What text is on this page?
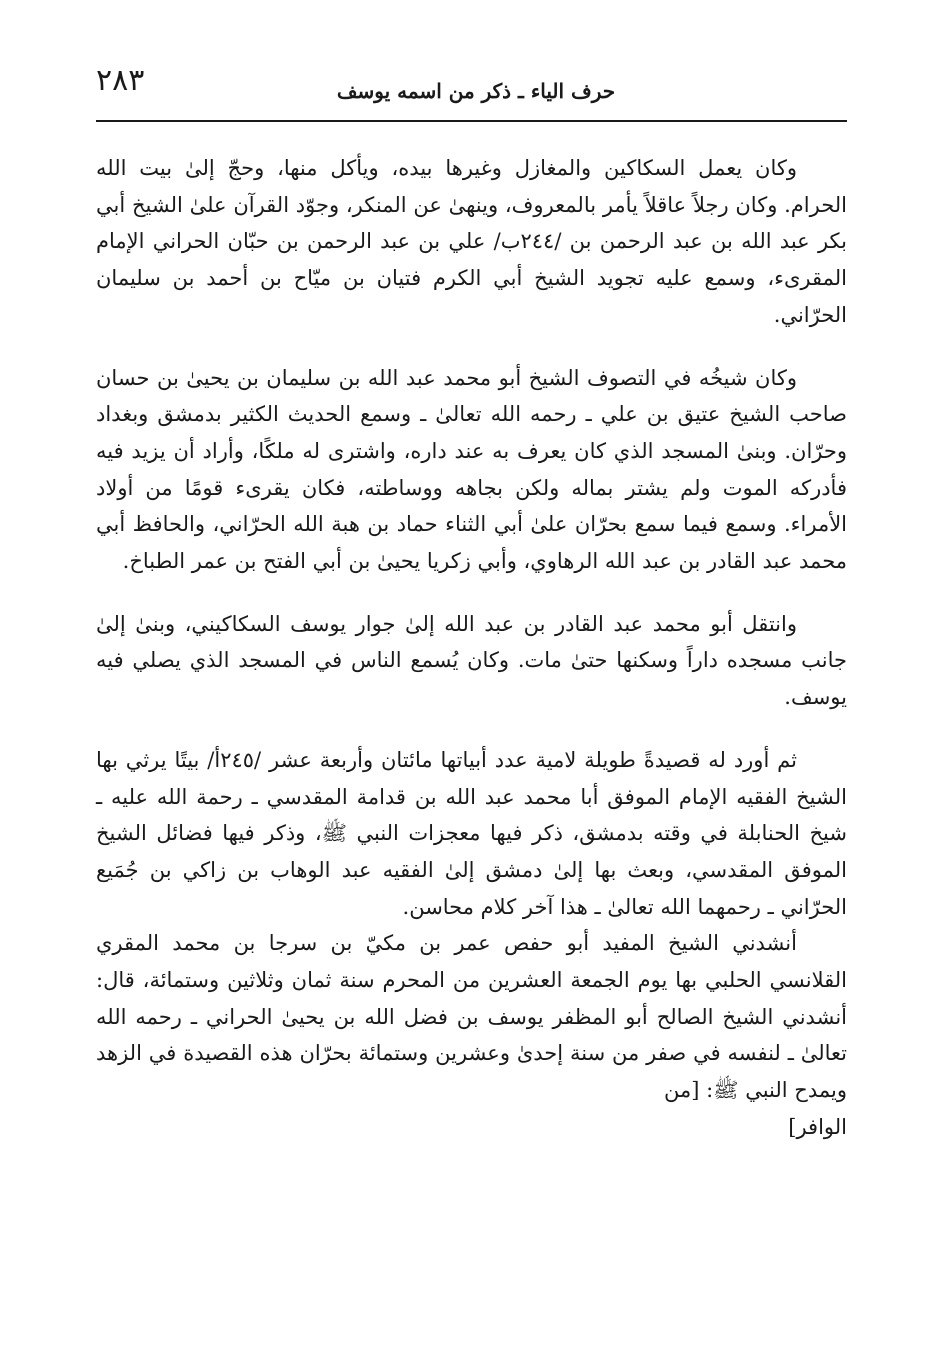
٢٨٣	حرف الياء ـ ذكر من اسمه يوسف

وكان يعمل السكاكين والمغازل وغيرها بيده، ويأكل منها، وحجّ إلىٰ بيت الله الحرام. وكان رجلاً عاقلاً يأمر بالمعروف، وينهىٰ عن المنكر، وجوّد القرآن علىٰ الشيخ أبي بكر عبد الله بن عبد الرحمن بن /٢٤٤ب/ علي بن عبد الرحمن بن حبّان الحراني الإمام المقرىء، وسمع عليه تجويد الشيخ أبي الكرم فتيان بن ميّاح بن أحمد بن سليمان الحرّاني.

وكان شيخُه في التصوف الشيخ أبو محمد عبد الله بن سليمان بن يحيىٰ بن حسان صاحب الشيخ عتيق بن علي ـ رحمه الله تعالىٰ ـ وسمع الحديث الكثير بدمشق وبغداد وحرّان. وبنىٰ المسجد الذي كان يعرف به عند داره، واشترى له ملكًا، وأراد أن يزيد فيه فأدركه الموت ولم يشتر بماله ولكن بجاهه ووساطته، فكان يقرىء قومًا من أولاد الأمراء. وسمع فيما سمع بحرّان علىٰ أبي الثناء حماد بن هبة الله الحرّاني، والحافظ أبي محمد عبد القادر بن عبد الله الرهاوي، وأبي زكريا يحيىٰ بن أبي الفتح بن عمر الطباخ.

وانتقل أبو محمد عبد القادر بن عبد الله إلىٰ جوار يوسف السكاكيني، وبنىٰ إلىٰ جانب مسجده داراً وسكنها حتىٰ مات. وكان يُسمع الناس في المسجد الذي يصلي فيه يوسف.

ثم أورد له قصيدةً طويلة لامية عدد أبياتها مائتان وأربعة عشر /٢٤٥أ/ بيتًا يرثي بها الشيخ الفقيه الإمام الموفق أبا محمد عبد الله بن قدامة المقدسي ـ رحمة الله عليه ـ شيخ الحنابلة في وقته بدمشق، ذكر فيها معجزات النبي ﷺ، وذكر فيها فضائل الشيخ الموفق المقدسي، وبعث بها إلىٰ دمشق إلىٰ الفقيه عبد الوهاب بن زاكي بن جُمَيع الحرّاني ـ رحمهما الله تعالىٰ ـ هذا آخر كلام محاسن.

أنشدني الشيخ المفيد أبو حفص عمر بن مكيّ بن سرجا بن محمد المقري القلانسي الحلبي بها يوم الجمعة العشرين من المحرم سنة ثمان وثلاثين وستمائة، قال: أنشدني الشيخ الصالح أبو المظفر يوسف بن فضل الله بن يحيىٰ الحراني ـ رحمه الله تعالىٰ ـ لنفسه في صفر من سنة إحدىٰ وعشرين وستمائة بحرّان هذه القصيدة في الزهد ويمدح النبي ﷺ: [من

الوافر]
